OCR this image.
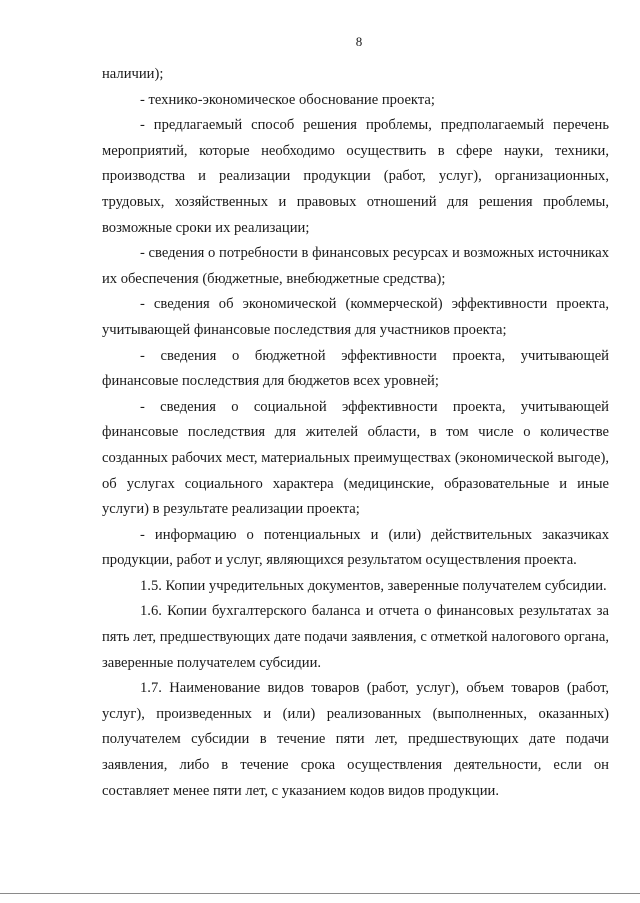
8

наличии);

- технико-экономическое обоснование проекта;

- предлагаемый способ решения проблемы, предполагаемый перечень мероприятий, которые необходимо осуществить в сфере науки, техники, производства и реализации продукции (работ, услуг), организационных, трудовых, хозяйственных и правовых отношений для решения проблемы, возможные сроки их реализации;

- сведения о потребности в финансовых ресурсах и возможных источниках их обеспечения (бюджетные, внебюджетные средства);

- сведения об экономической (коммерческой) эффективности проекта, учитывающей финансовые последствия для участников проекта;

- сведения о бюджетной эффективности проекта, учитывающей финансовые последствия для бюджетов всех уровней;

- сведения о социальной эффективности проекта, учитывающей финансовые последствия для жителей области, в том числе о количестве созданных рабочих мест, материальных преимуществах (экономической выгоде), об услугах социального характера (медицинские, образовательные и иные услуги) в результате реализации проекта;

- информацию о потенциальных и (или) действительных заказчиках продукции, работ и услуг, являющихся результатом осуществления проекта.

1.5. Копии учредительных документов, заверенные получателем субсидии.

1.6. Копии бухгалтерского баланса и отчета о финансовых результатах за пять лет, предшествующих дате подачи заявления, с отметкой налогового органа, заверенные получателем субсидии.

1.7. Наименование видов товаров (работ, услуг), объем товаров (работ, услуг), произведенных и (или) реализованных (выполненных, оказанных) получателем субсидии в течение пяти лет, предшествующих дате подачи заявления, либо в течение срока осуществления деятельности, если он составляет менее пяти лет, с указанием кодов видов продукции.
